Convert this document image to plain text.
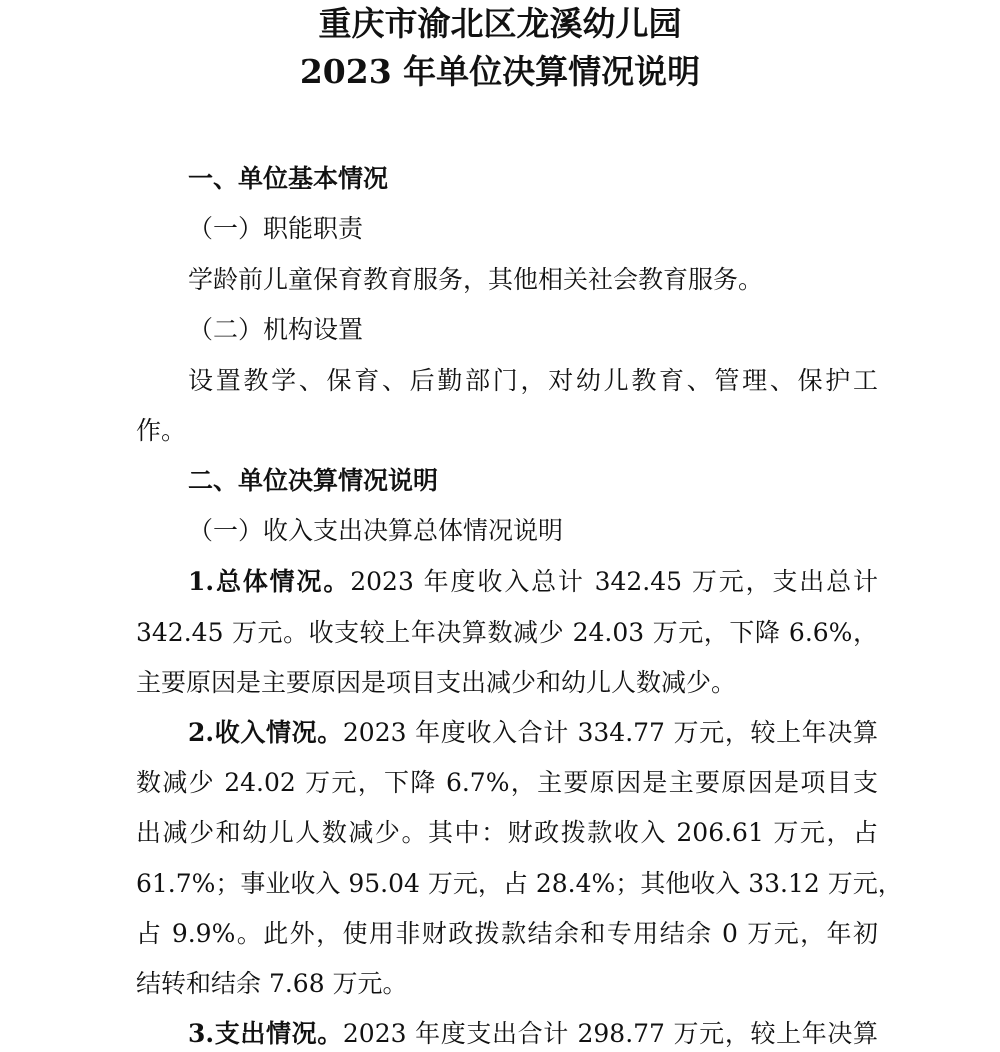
重庆市渝北区龙溪幼儿园
2023 年单位决算情况说明
一、单位基本情况
（一）职能职责
学龄前儿童保育教育服务，其他相关社会教育服务。
（二）机构设置
设置教学、保育、后勤部门，对幼儿教育、管理、保护工
作。
二、单位决算情况说明
（一）收入支出决算总体情况说明
1.总体情况。2023 年度收入总计 342.45 万元，支出总计
342.45 万元。收支较上年决算数减少 24.03 万元，下降 6.6%，
主要原因是主要原因是项目支出减少和幼儿人数减少。
2.收入情况。2023 年度收入合计 334.77 万元，较上年决算
数减少 24.02 万元，下降 6.7%，主要原因是主要原因是项目支
出减少和幼儿人数减少。其中：财政拨款收入 206.61 万元，占
61.7%；事业收入 95.04 万元，占 28.4%；其他收入 33.12 万元，
占 9.9%。此外，使用非财政拨款结余和专用结余 0 万元，年初
结转和结余 7.68 万元。
3.支出情况。2023 年度支出合计 298.77 万元，较上年决算
